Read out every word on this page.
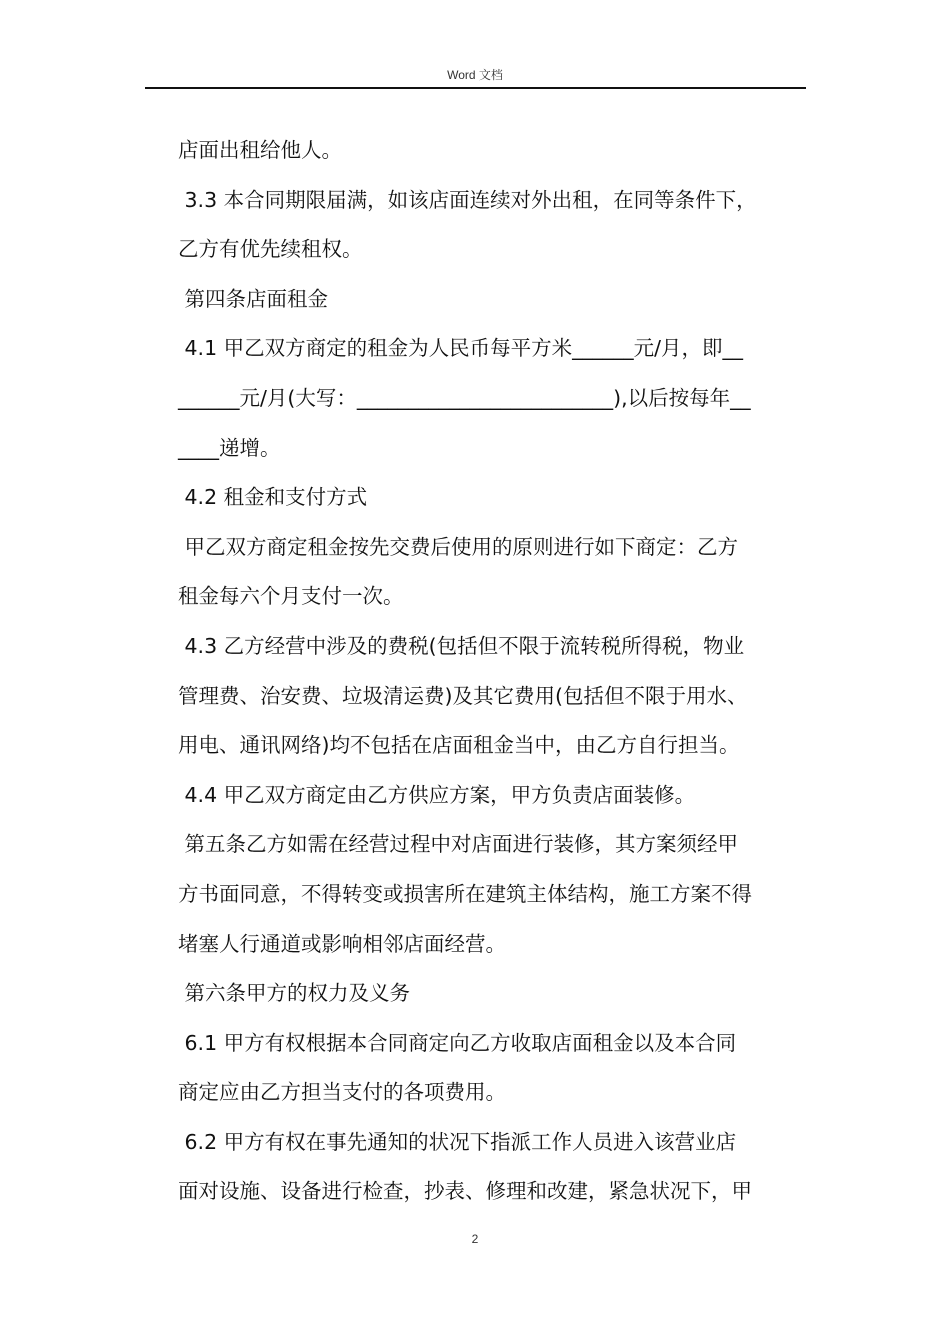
Word 文档
店面出租给他人。
3.3 本合同期限届满，如该店面连续对外出租，在同等条件下，
乙方有优先续租权。
第四条店面租金
4.1 甲乙双方商定的租金为人民币每平方米______元/月，即__
______元/月(大写：_________________________),以后按每年__
____递增。
4.2 租金和支付方式
甲乙双方商定租金按先交费后使用的原则进行如下商定：乙方
租金每六个月支付一次。
4.3 乙方经营中涉及的费税(包括但不限于流转税所得税，物业
管理费、治安费、垃圾清运费)及其它费用(包括但不限于用水、
用电、通讯网络)均不包括在店面租金当中，由乙方自行担当。
4.4 甲乙双方商定由乙方供应方案，甲方负责店面装修。
第五条乙方如需在经营过程中对店面进行装修，其方案须经甲
方书面同意，不得转变或损害所在建筑主体结构，施工方案不得
堵塞人行通道或影响相邻店面经营。
第六条甲方的权力及义务
6.1 甲方有权根据本合同商定向乙方收取店面租金以及本合同
商定应由乙方担当支付的各项费用。
6.2 甲方有权在事先通知的状况下指派工作人员进入该营业店
面对设施、设备进行检查，抄表、修理和改建，紧急状况下，甲
2
